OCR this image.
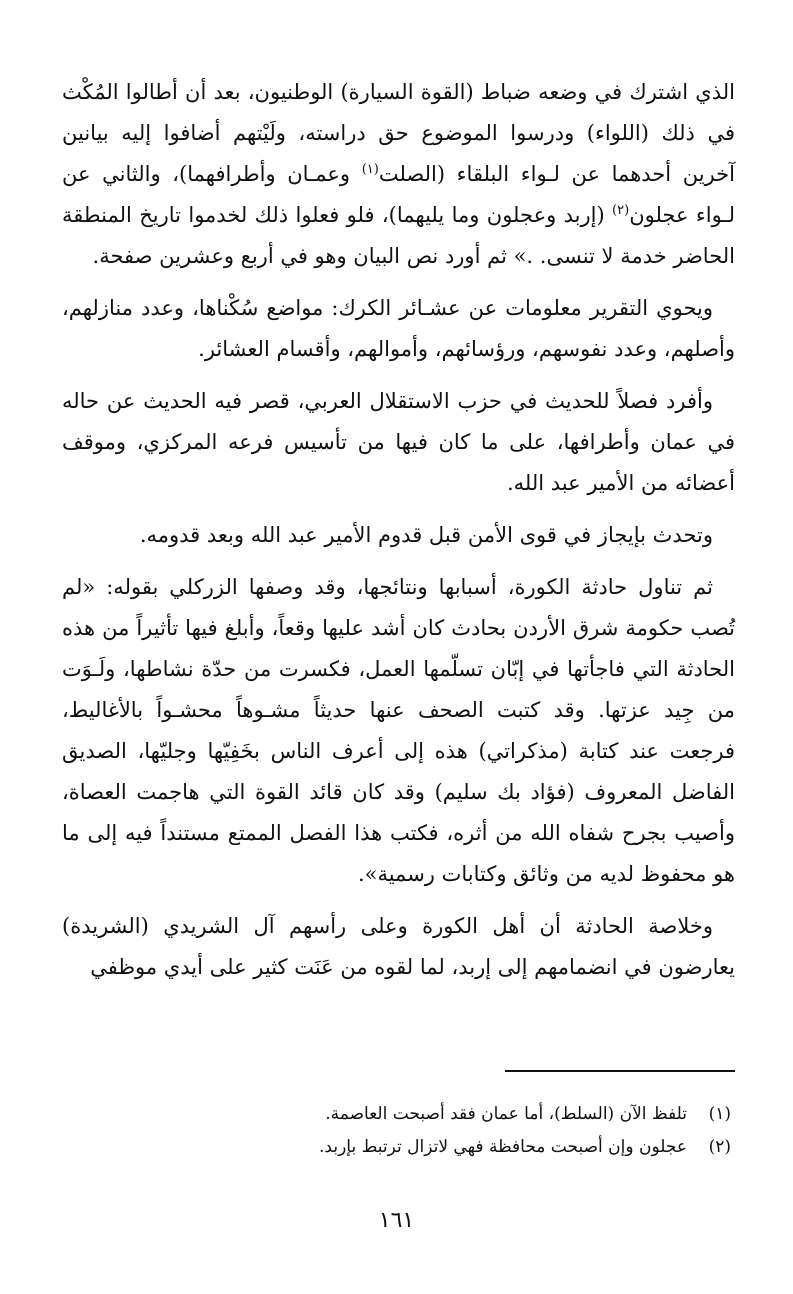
الذي اشترك في وضعه ضباط (القوة السيارة) الوطنيون، بعد أن أطالوا المُكْث في ذلك (اللواء) ودرسوا الموضوع حق دراسته، ولَيْتهم أضافوا إليه بيانين آخرين أحدهما عن لـواء البلقاء (الصلت$^{(١)}$ وعمـان وأطرافهما)، والثاني عن لـواء عجلون$^{(٢)}$ (إربد وعجلون وما يليهما)، فلو فعلوا ذلك لخدموا تاريخ المنطقة الحاضر خدمة لا تنسى. .» ثم أورد نص البيان وهو في أربع وعشرين صفحة.

ويحوي التقرير معلومات عن عشـائر الكرك: مواضع سُكْناها، وعدد منازلهم، وأصلهم، وعدد نفوسهم، ورؤسائهم، وأموالهم، وأقسام العشائر.

وأفرد فصلاً للحديث في حزب الاستقلال العربي، قصر فيه الحديث عن حاله في عمان وأطرافها، على ما كان فيها من تأسيس فرعه المركزي، وموقف أعضائه من الأمير عبد الله.

وتحدث بإيجاز في قوى الأمن قبل قدوم الأمير عبد الله وبعد قدومه.

ثم تناول حادثة الكورة، أسبابها ونتائجها، وقد وصفها الزركلي بقوله: «لم تُصب حكومة شرق الأردن بحادث كان أشد عليها وقعاً، وأبلغ فيها تأثيراً من هذه الحادثة التي فاجأتها في إبّان تسلّمها العمل، فكسرت من حدّة نشاطها، ولَـوَت من جِيد عزتها. وقد كتبت الصحف عنها حديثاً مشـوهاً محشـواً بالأغاليط، فرجعت عند كتابة (مذكراتي) هذه إلى أعرف الناس بخَفِيّها وجليّها، الصديق الفاضل المعروف (فؤاد بك سليم) وقد كان قائد القوة التي هاجمت العصاة، وأصيب بجرح شفاه الله من أثره، فكتب هذا الفصل الممتع مستنداً فيه إلى ما هو محفوظ لديه من وثائق وكتابات رسمية».

وخلاصة الحادثة أن أهل الكورة وعلى رأسهم آل الشريدي (الشريدة) يعارضون في انضمامهم إلى إربد، لما لقوه من عَنَت كثير على أيدي موظفي

(١)تلفظ الآن (السلط)، أما عمان فقد أصبحت العاصمة.
(٢)عجلون وإن أصبحت محافظة فهي لاتزال ترتبط بإربد.
١٦١
